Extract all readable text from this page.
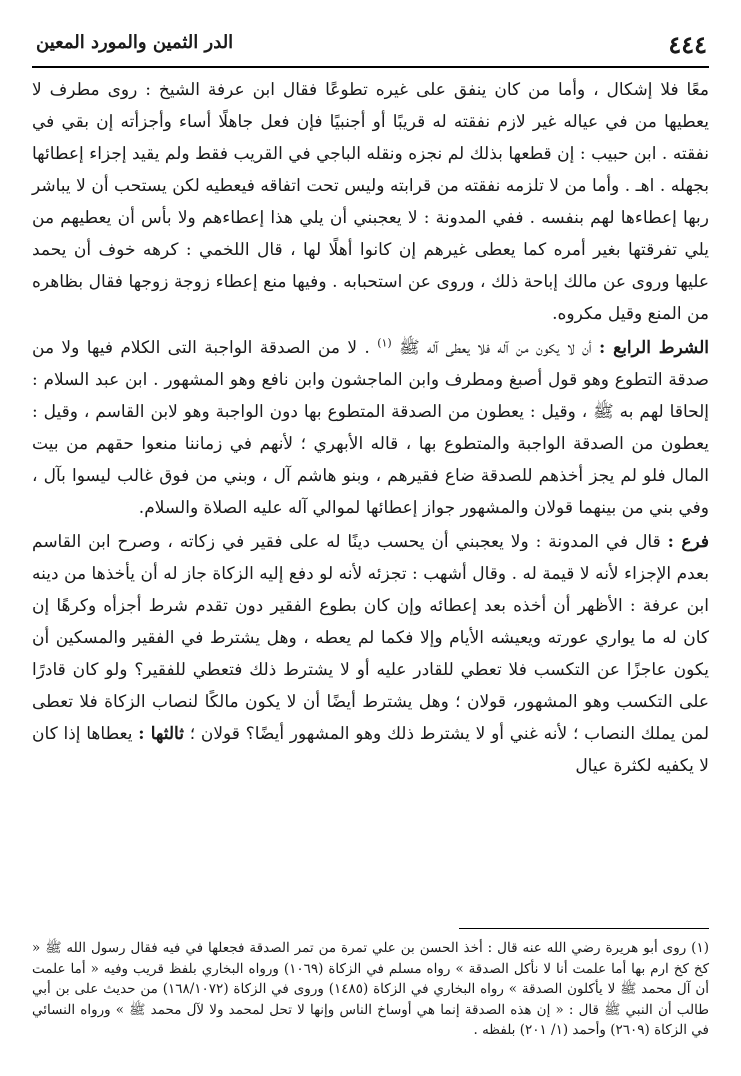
٤٤٤
الدر الثمين والمورد المعين

معًا فلا إشكال ، وأما من كان ينفق على غيره تطوعًا فقال ابن عرفة الشيخ : روى مطرف لا يعطيها من في عياله غير لازم نفقته له قريبًا أو أجنبيًا فإن فعل جاهلًا أساء وأجزأته إن بقي في نفقته . ابن حبيب : إن قطعها بذلك لم نجزه ونقله الباجي في القريب فقط ولم يقيد إجزاء إعطائها بجهله . اهـ . وأما من لا تلزمه نفقته من قرابته وليس تحت اتفاقه فيعطيه لكن يستحب أن لا يباشر ربها إعطاءها لهم بنفسه . ففي المدونة : لا يعجبني أن يلي هذا إعطاءهم ولا بأس أن يعطيهم من يلي تفرقتها بغير أمره كما يعطى غيرهم إن كانوا أهلًا لها ، قال اللخمي : كرهه خوف أن يحمد عليها وروى عن مالك إباحة ذلك ، وروى عن استحبابه . وفيها منع إعطاء زوجة زوجها فقال بظاهره من المنع وقيل مكروه.

الشرط الرابع : أن لا يكون من آله فلا يعطى آله ﷺ $^{(١)}$ . لا من الصدقة الواجبة التى الكلام فيها ولا من صدقة التطوع وهو قول أصبغ ومطرف وابن الماجشون وابن نافع وهو المشهور . ابن عبد السلام : إلحاقا لهم به ﷺ ، وقيل : يعطون من الصدقة المتطوع بها دون الواجبة وهو لابن القاسم ، وقيل : يعطون من الصدقة الواجبة والمتطوع بها ، قاله الأبهري ؛ لأنهم في زماننا منعوا حقهم من بيت المال فلو لم يجز أخذهم للصدقة ضاع فقيرهم ، وبنو هاشم آل ، وبني من فوق غالب ليسوا بآل ، وفي بني من بينهما قولان والمشهور جواز إعطائها لموالي آله عليه الصلاة والسلام.

فرع : قال في المدونة : ولا يعجبني أن يحسب دينًا له على فقير في زكاته ، وصرح ابن القاسم بعدم الإجزاء لأنه لا قيمة له . وقال أشهب : تجزئه لأنه لو دفع إليه الزكاة جاز له أن يأخذها من دينه ابن عرفة : الأظهر أن أخذه بعد إعطائه وإن كان بطوع الفقير دون تقدم شرط أجزأه وكرهًا إن كان له ما يواري عورته ويعيشه الأيام وإلا فكما لم يعطه ، وهل يشترط في الفقير والمسكين أن يكون عاجزًا عن التكسب فلا تعطي للقادر عليه أو لا يشترط ذلك فتعطي للفقير؟ ولو كان قادرًا على التكسب وهو المشهور، قولان ؛ وهل يشترط أيضًا أن لا يكون مالكًا لنصاب الزكاة فلا تعطى لمن يملك النصاب ؛ لأنه غني أو لا يشترط ذلك وهو المشهور أيضًا؟ قولان ؛ ثالثها : يعطاها إذا كان لا يكفيه لكثرة عيال

(١) روى أبو هريرة رضي الله عنه قال : أخذ الحسن بن علي تمرة من تمر الصدقة فجعلها في فيه فقال رسول الله ﷺ « كخ كخ ارم بها أما علمت أنا لا نأكل الصدقة » رواه مسلم في الزكاة (١٠٦٩) ورواه البخاري بلفظ قريب وفيه « أما علمت أن آل محمد ﷺ لا يأكلون الصدقة » رواه البخاري في الزكاة (١٤٨٥) وروى في الزكاة (١٦٨/١٠٧٢) من حديث على بن أبي طالب أن النبي ﷺ قال : « إن هذه الصدقة إنما هي أوساخ الناس وإنها لا تحل لمحمد ولا لآل محمد ﷺ » ورواه النسائي في الزكاة (٢٦٠٩) وأحمد (١/ ٢٠١) بلفظه .
